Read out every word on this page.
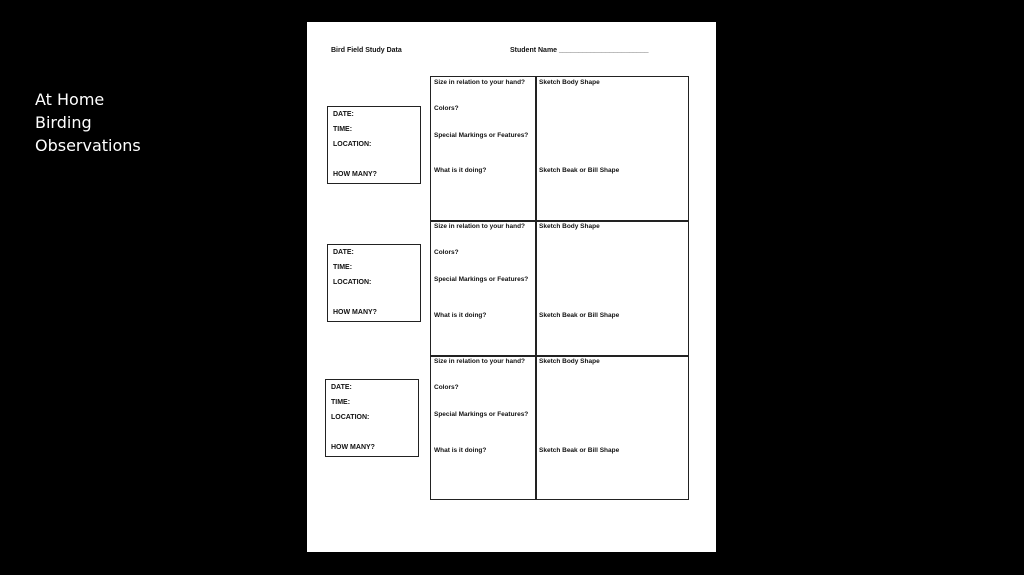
At Home
Birding
Observations
Bird Field Study Data	Student Name _______________________
DATE:
TIME:
LOCATION:
HOW MANY?
DATE:
TIME:
LOCATION:
HOW MANY?
DATE:
TIME:
LOCATION:
HOW MANY?
Size in relation to your hand?
Colors?
Special Markings or Features?
What is it doing?
Sketch Body Shape
Sketch Beak or Bill Shape
Size in relation to your hand?
Colors?
Special Markings or Features?
What is it doing?
Sketch Body Shape
Sketch Beak or Bill Shape
Size in relation to your hand?
Colors?
Special Markings or Features?
What is it doing?
Sketch Body Shape
Sketch Beak or Bill Shape
